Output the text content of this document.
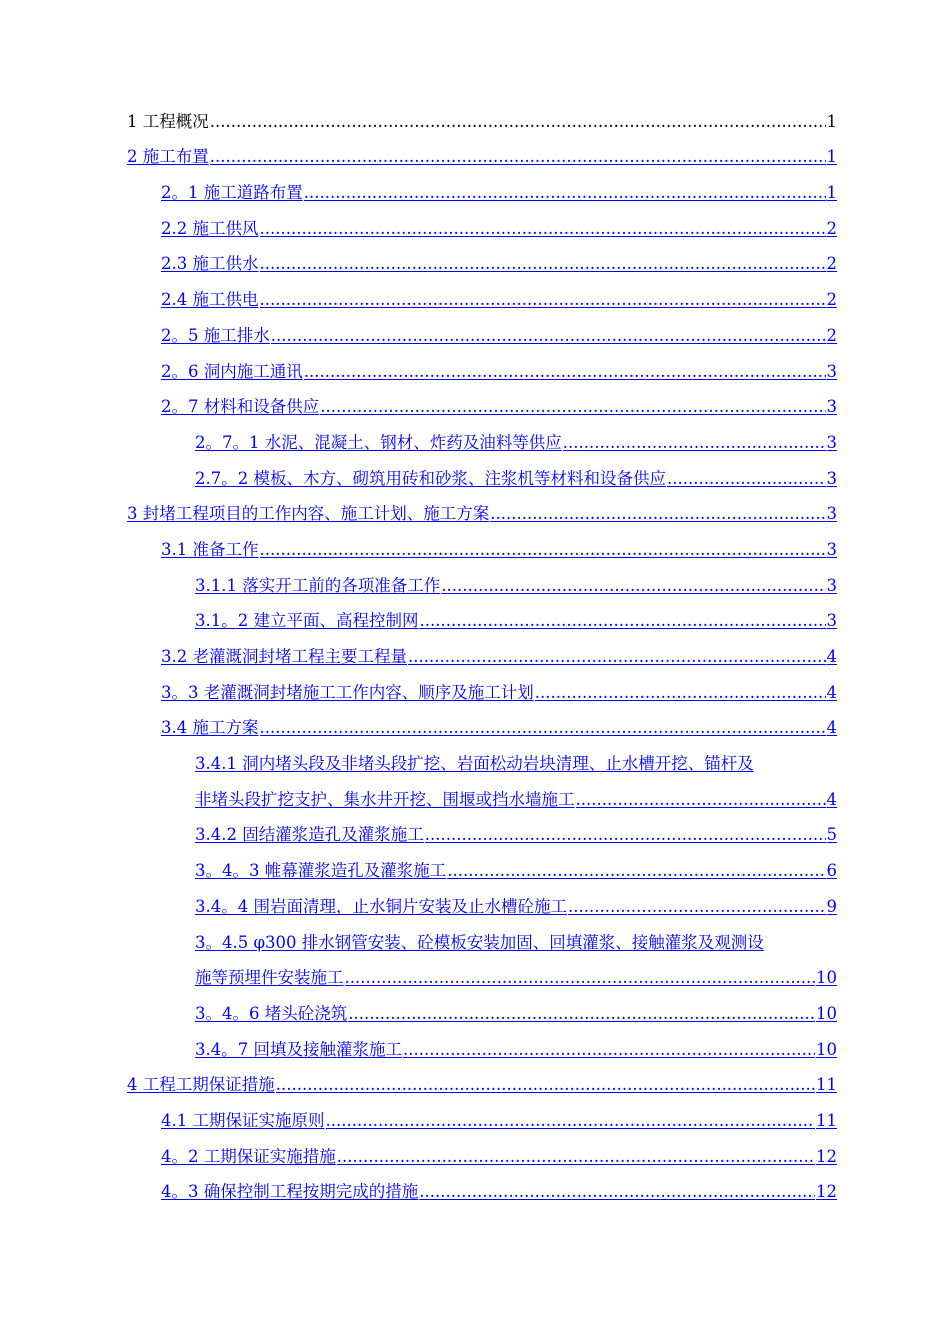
1 工程概况 .....	1
2 施工布置 .....	1
2。1 施工道路布置 .....	1
2.2 施工供风 .....	2
2.3 施工供水 .....	2
2.4 施工供电 .....	2
2。5 施工排水 .....	2
2。6 洞内施工通讯 .....	3
2。7 材料和设备供应 .....	3
2。7。1 水泥、混凝土、钢材、炸药及油料等供应 .....	3
2.7。2 模板、木方、砌筑用砖和砂浆、注浆机等材料和设备供应 .....	3
3 封堵工程项目的工作内容、施工计划、施工方案 .....	3
3.1 准备工作 .....	3
3.1.1 落实开工前的各项准备工作 .....	3
3.1。2 建立平面、高程控制网 .....	3
3.2 老灌溉洞封堵工程主要工程量 .....	4
3。3 老灌溉洞封堵施工工作内容、顺序及施工计划 .....	4
3.4 施工方案 .....	4
3.4.1 洞内堵头段及非堵头段扩挖、岩面松动岩块清理、止水槽开挖、锚杆及
非堵头段扩挖支护、集水井开挖、围堰或挡水墙施工 .....	4
3.4.2 固结灌浆造孔及灌浆施工 .....	5
3。4。3 帷幕灌浆造孔及灌浆施工 .....	6
3.4。4 围岩面清理，止水铜片安装及止水槽砼施工 .....	9
3。4.5 φ300 排水钢管安装、砼模板安装加固、回填灌浆、接触灌浆及观测设
施等预埋件安装施工 .....	10
3。4。6 堵头砼浇筑 .....	10
3.4。7 回填及接触灌浆施工 .....	10
4 工程工期保证措施 .....	11
4.1 工期保证实施原则 .....	11
4。2 工期保证实施措施 .....	12
4。3 确保控制工程按期完成的措施 .....	12
